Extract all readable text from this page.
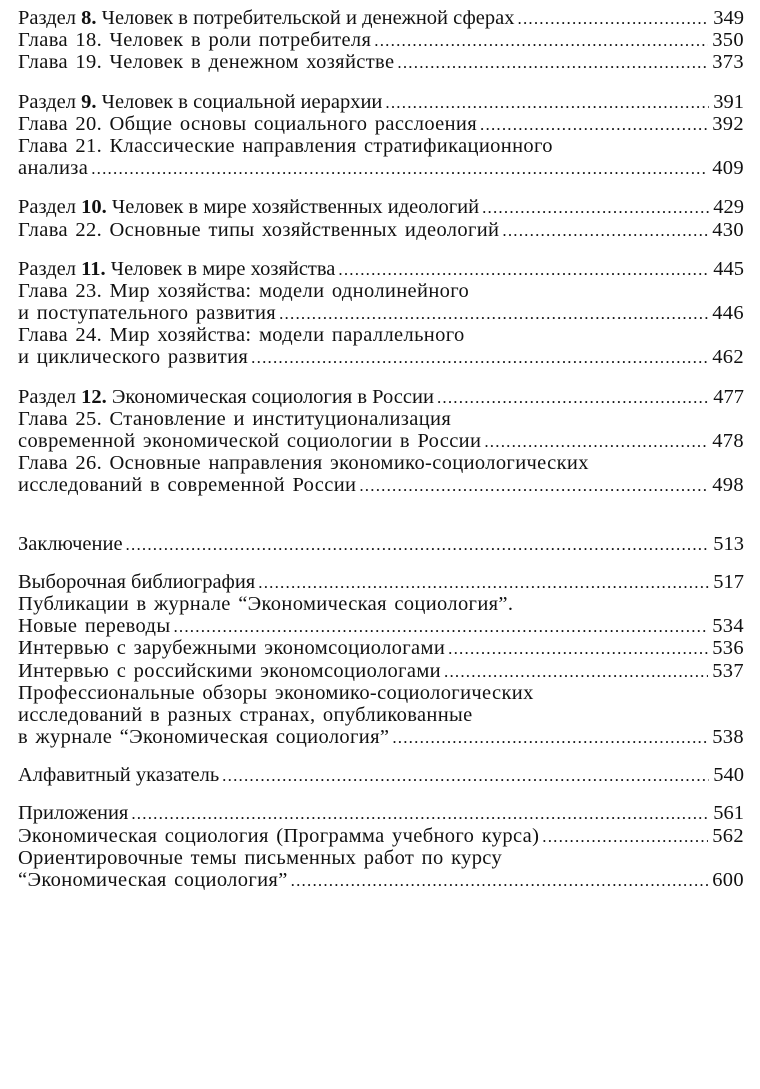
Раздел 8. Человек в потребительской и денежной сферах .....	349
Глава 18. Человек в роли потребителя .....	350
Глава 19. Человек в денежном хозяйстве .....	373
Раздел 9. Человек в социальной иерархии .....	391
Глава 20. Общие основы социального расслоения .....	392
Глава 21. Классические направления стратификационного
анализа .....	409
Раздел 10. Человек в мире хозяйственных идеологий .....	429
Глава 22. Основные типы хозяйственных идеологий .....	430
Раздел 11. Человек в мире хозяйства .....	445
Глава 23. Мир хозяйства: модели однолинейного
и поступательного развития .....	446
Глава 24. Мир хозяйства: модели параллельного
и циклического развития .....	462
Раздел 12. Экономическая социология в России .....	477
Глава 25. Становление и институционализация
современной экономической социологии в России .....	478
Глава 26. Основные направления экономико-социологических
исследований в современной России .....	498
Заключение .....	513
Выборочная библиография .....	517
Публикации в журнале “Экономическая социология”.
Новые переводы .....	534
Интервью с зарубежными экономсоциологами .....	536
Интервью с российскими экономсоциологами .....	537
Профессиональные обзоры экономико-социологических
исследований в разных странах, опубликованные
в журнале “Экономическая социология” .....	538
Алфавитный указатель .....	540
Приложения .....	561
Экономическая социология (Программа учебного курса) .....	562
Ориентировочные темы письменных работ по курсу
“Экономическая социология” .....	600
